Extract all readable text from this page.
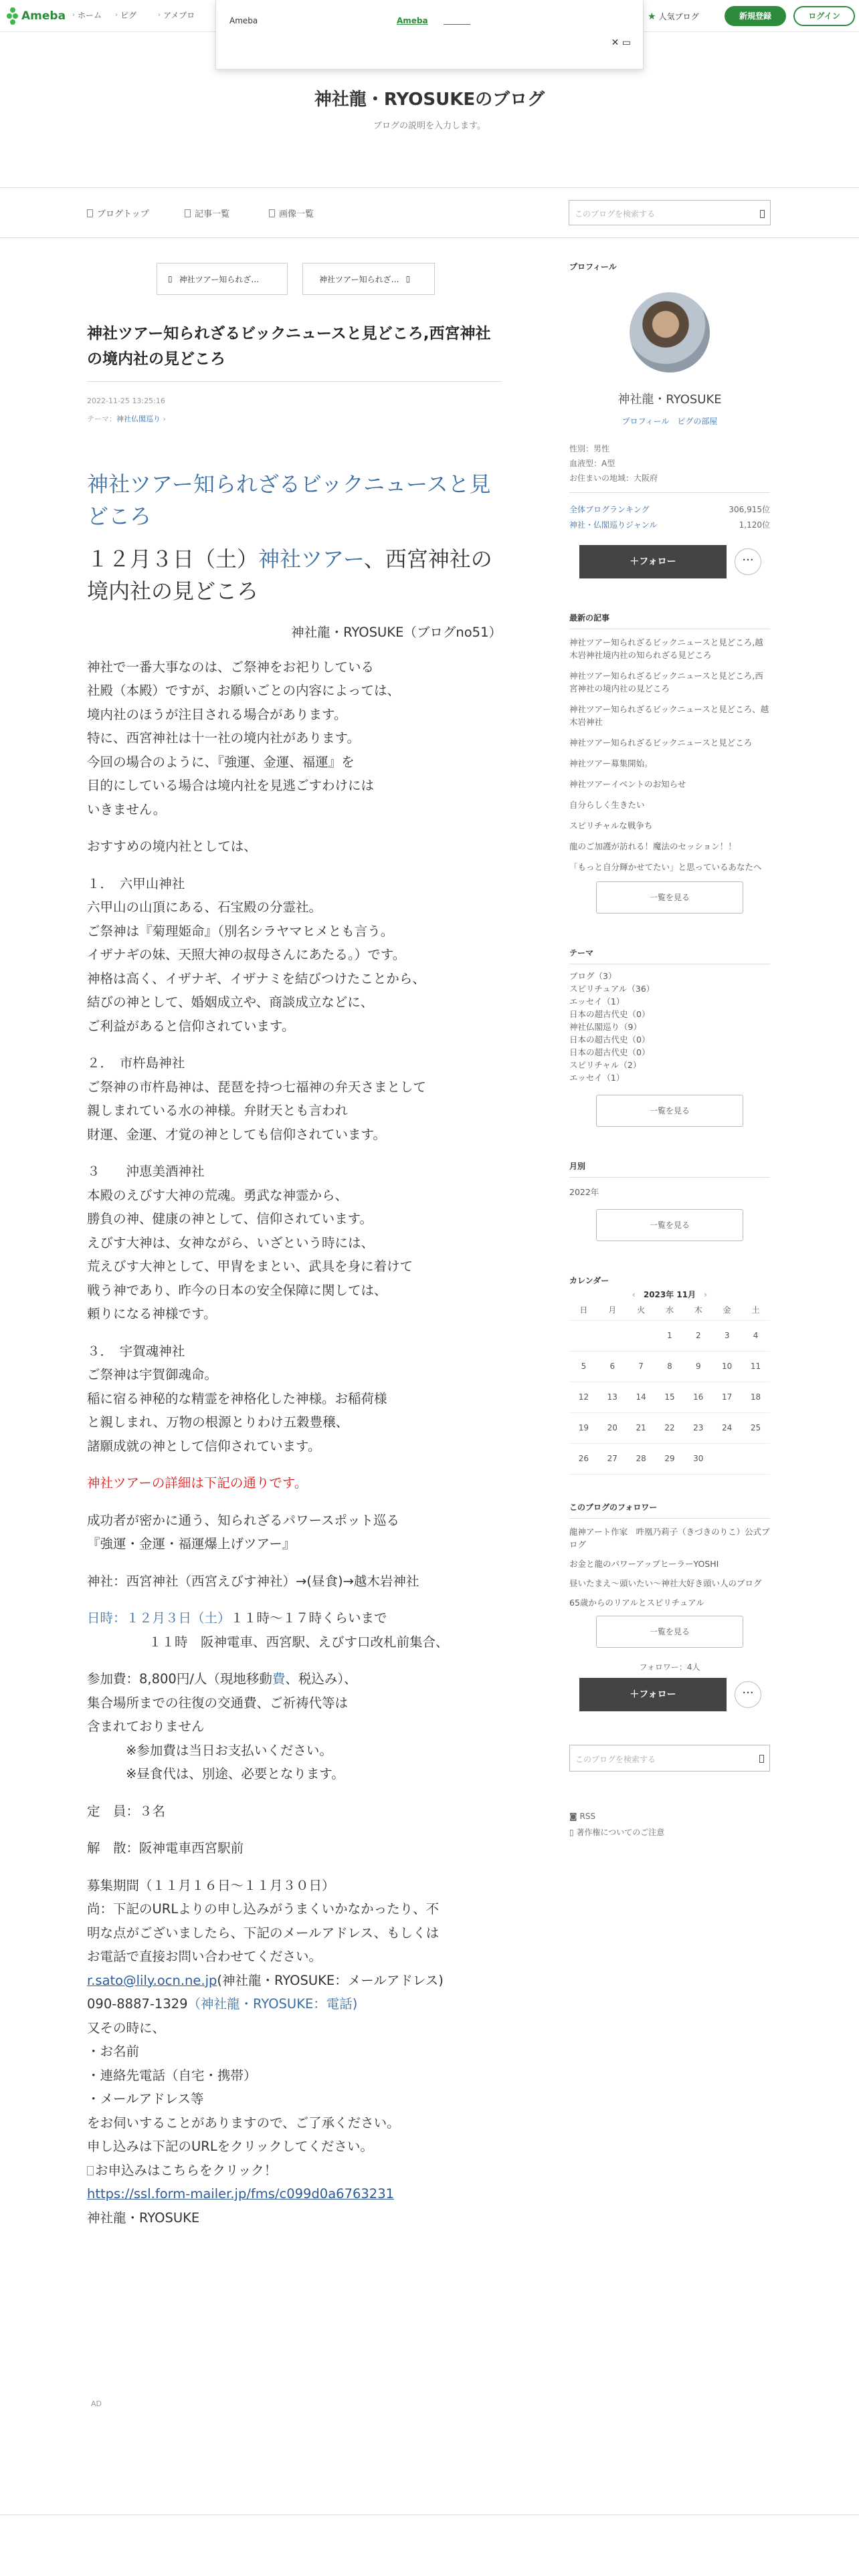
Ameba › ホーム › ピグ	› アメブロ	★ 人気ブログ	新規登録	ログイン
Ameba	Ameba
✕ ▭
神社龍・RYOSUKEのブログ
ブログの説明を入力します。
ブログトップ	記事一覧	画像一覧	このブログを検索する
▯ 神社ツアー知られざ…	神社ツアー知られざ… ▯
神社ツアー知られざるビックニュースと見どころ,西宮神社の境内社の見どころ
2022-11-25 13:25:16
テーマ：神社仏閣巡り ›

神社ツアー知られざるビックニュースと見どころ

１２月３日（土）神社ツアー、西宮神社の境内社の見どころ

神社龍・RYOSUKE（ブログno51）

神社で一番大事なのは、ご祭神をお祀りしている

社殿（本殿）ですが、お願いごとの内容によっては、

境内社のほうが注目される場合があります。

特に、西宮神社は十一社の境内社があります。

今回の場合のように、『強運、金運、福運』を

目的にしている場合は境内社を見逃ごすわけには

いきません。

おすすめの境内社としては、

１．　六甲山神社

六甲山の山頂にある、石宝殿の分霊社。

ご祭神は『菊理姫命』（別名シラヤマヒメとも言う。

イザナギの妹、天照大神の叔母さんにあたる。）です。

神格は高く、イザナギ、イザナミを結びつけたことから、

結びの神として、婚姻成立や、商談成立などに、

ご利益があると信仰されています。

２．　市杵島神社

ご祭神の市杵島神は、琵琶を持つ七福神の弁天さまとして

親しまれている水の神様。弁財天とも言われ

財運、金運、才覚の神としても信仰されています。

３　　沖恵美酒神社

本殿のえびす大神の荒魂。勇武な神霊から、

勝負の神、健康の神として、信仰されています。

えびす大神は、女神ながら、いざという時には、

荒えびす大神として、甲冑をまとい、武具を身に着けて

戦う神であり、昨今の日本の安全保障に関しては、

頼りになる神様です。

３．　宇賀魂神社

ご祭神は宇賀御魂命。

稲に宿る神秘的な精霊を神格化した神様。お稲荷様

と親しまれ、万物の根源とりわけ五穀豊穣、

諸願成就の神として信仰されています。

神社ツアーの詳細は下記の通りです。

成功者が密かに通う、知られざるパワースポット巡る

『強運・金運・福運爆上げツアー』

神社：西宮神社（西宮えびす神社）→(昼食)→越木岩神社

日時：１２月３日（土）１１時～１７時くらいまで

１１時　阪神電車、西宮駅、えびす口改札前集合、

参加費：8,800円/人（現地移動費、税込み）、

集合場所までの往復の交通費、ご祈祷代等は

含まれておりません

※参加費は当日お支払いください。

※昼食代は、別途、必要となります。

定　員：３名

解　散：阪神電車西宮駅前

募集期間（１１月１６日～１１月３０日）

尚：下記のURLよりの申し込みがうまくいかなかったり、不

明な点がございましたら、下記のメールアドレス、もしくは

お電話で直接お問い合わせてください。

r.sato@lily.ocn.ne.jp(神社龍・RYOSUKE：メールアドレス)

090-8887-1329（神社龍・RYOSUKE：電話)

又その時に、

・お名前

・連絡先電話（自宅・携帯）

・メールアドレス等

をお伺いすることがありますので、ご了承ください。

申し込みは下記のURLをクリックしてください。

お申込みはこちらをクリック！

https://ssl.form-mailer.jp/fms/c099d0a6763231

神社龍・RYOSUKE

AD
プロフィール
神社龍・RYOSUKE
プロフィール　 ピグの部屋
性別：男性
血液型：A型
お住まいの地域：大阪府
全体ブログランキング	306,915位
神社・仏閣巡りジャンル	1,120位
＋フォロー	···
最新の記事
神社ツアー知られざるビックニュースと見どころ,越木岩神社境内社の知られざる見どころ
神社ツアー知られざるビックニュースと見どころ,西宮神社の境内社の見どころ
神社ツアー知られざるビックニュースと見どころ、越木岩神社
神社ツアー知られざるビックニュースと見どころ
神社ツアー募集開始。
神社ツアーイベントのお知らせ
自分らしく生きたい
スピリチャルな戦争ち
龍のご加護が訪れる！魔法のセッション！！
「もっと自分輝かせてたい」と思っているあなたへ
一覧を見る
テーマ
ブログ（3）
スピリチュアル（36）
エッセイ（1）
日本の超古代史（0）
神社仏閣巡り（9）
日本の超古代史（0）
日本の超古代史（0）
スピリチャル（2）
エッセイ（1）
一覧を見る
月別
2022年
一覧を見る
カレンダー
‹　 2023年 11月　 ›
日	月	火	水	木	金	土
			1	2	3	4
5	6	7	8	9	10	11
12	13	14	15	16	17	18
19	20	21	22	23	24	25
26	27	28	29	30		
このブログのフォロワー
龍神アート作家　吽凰乃莉子（きづきのりこ）公式ブログ
お金と龍のパワーアップヒーラーYOSHI
昼いたまえ〜頭いたい〜神社大好き頭い人のブログ
65歳からのリアルとスピリチュアル
一覧を見る
フォロワー：4人
＋フォロー	···
このブログを検索する
◙ RSS
▯ 著作権についてのご注意
